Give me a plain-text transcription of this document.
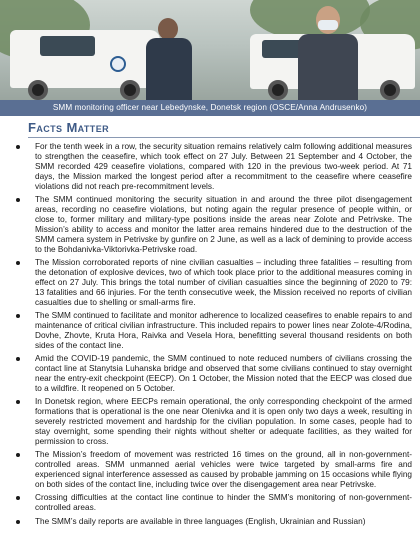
SMM monitoring officer near Lebedynske, Donetsk region (OSCE/Anna Andrusenko)
Facts Matter
For the tenth week in a row, the security situation remains relatively calm following additional measures to strengthen the ceasefire, which took effect on 27 July. Between 21 September and 4 October, the SMM recorded 429 ceasefire violations, compared with 120 in the previous two-week period. At 71 days, the Mission marked the longest period after a recommitment to the ceasefire where ceasefire violations did not reach pre-recommitment levels.
The SMM continued monitoring the security situation in and around the three pilot disengagement areas, recording no ceasefire violations, but noting again the regular presence of people within, or close to, former military and military-type positions inside the areas near Zolote and Petrivske. The Mission’s ability to access and monitor the latter area remains hindered due to the destruction of the SMM camera system in Petrivske by gunfire on 2 June, as well as a lack of demining to provide access to the Bohdanivka-Viktorivka-Petrivske road.
The Mission corroborated reports of nine civilian casualties – including three fatalities – resulting from the detonation of explosive devices, two of which took place prior to the additional measures coming in effect on 27 July. This brings the total number of civilian casualties since the beginning of 2020 to 79: 13 fatalities and 66 injuries. For the tenth consecutive week, the Mission received no reports of civilian casualties due to shelling or small-arms fire.
The SMM continued to facilitate and monitor adherence to localized ceasefires to enable repairs to and maintenance of critical civilian infrastructure. This included repairs to power lines near Zolote-4/Rodina, Dovhe, Zhovte, Kruta Hora, Raivka and Vesela Hora, benefitting several thousand residents on both sides of the contact line.
Amid the COVID-19 pandemic, the SMM continued to note reduced numbers of civilians crossing the contact line at Stanytsia Luhanska bridge and observed that some civilians continued to stay overnight near the entry-exit checkpoint (EECP). On 1 October, the Mission noted that the EECP was closed due to a wildfire. It reopened on 5 October.
In Donetsk region, where EECPs remain operational, the only corresponding checkpoint of the armed formations that is operational is the one near Olenivka and it is open only two days a week, resulting in severely restricted movement and hardship for the civilian population. In some cases, people had to stay overnight, some spending their nights without shelter or adequate facilities, as they waited for permission to cross.
The Mission’s freedom of movement was restricted 16 times on the ground, all in non-government-controlled areas. SMM unmanned aerial vehicles were twice targeted by small-arms fire and experienced signal interference assessed as caused by probable jamming on 15 occasions while flying on both sides of the contact line, including twice over the disengagement area near Petrivske.
Crossing difficulties at the contact line continue to hinder the SMM’s monitoring of non-government-controlled areas.
The SMM’s daily reports are available in three languages (English, Ukrainian and Russian)
